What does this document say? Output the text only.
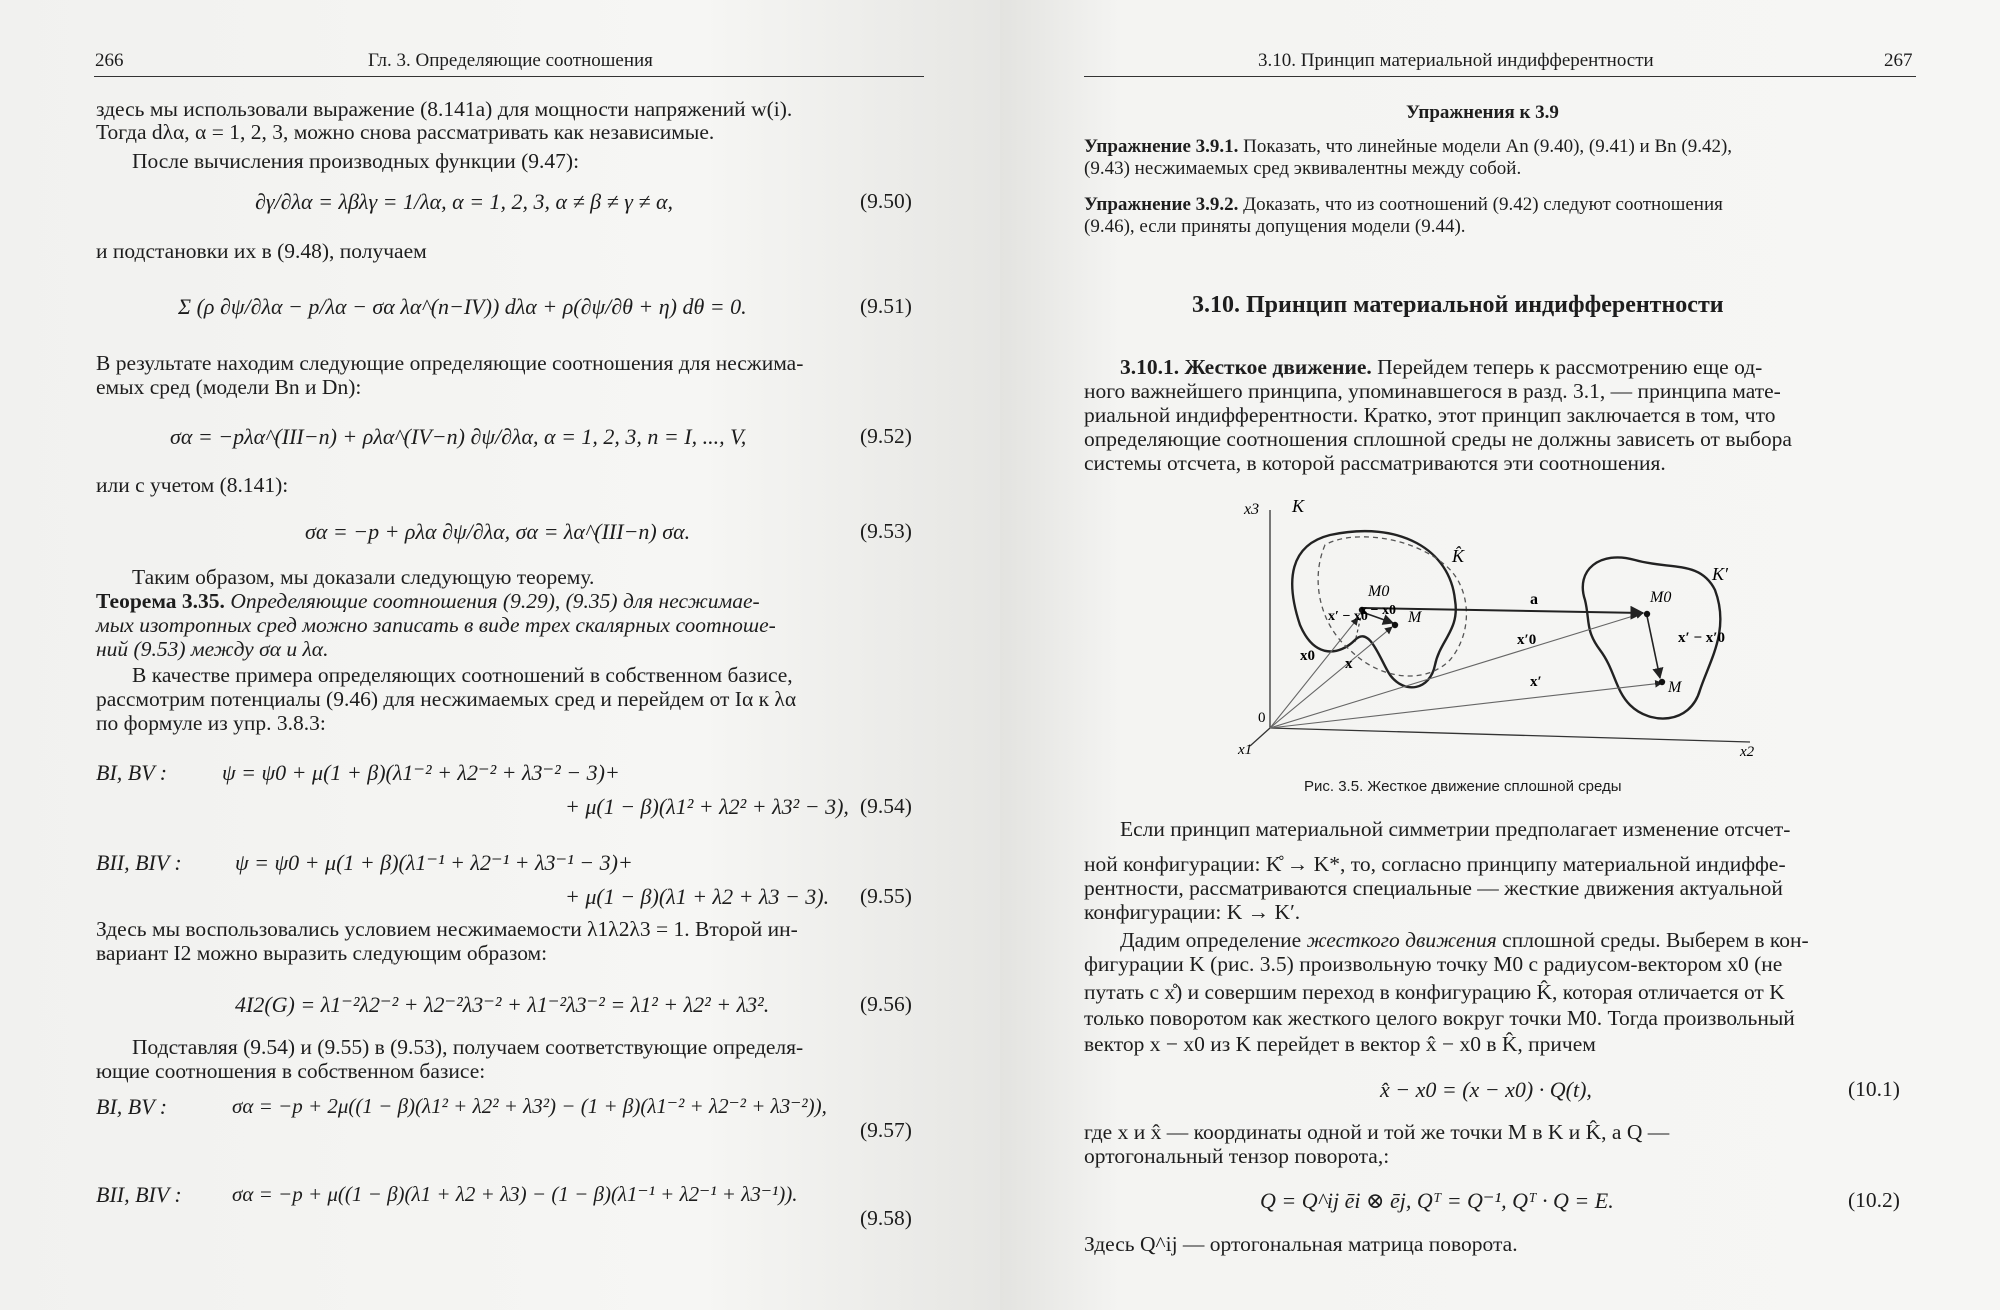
266	Гл. 3. Определяющие соотношения
здесь мы использовали выражение (8.141a) для мощности напряжений w(i).
Тогда dλα, α = 1, 2, 3, можно снова рассматривать как независимые.
После вычисления производных функции (9.47):
∂γ/∂λα = λβλγ = 1/λα, α = 1, 2, 3, α ≠ β ≠ γ ≠ α,	(9.50)
и подстановки их в (9.48), получаем
Σ (ρ ∂ψ/∂λα − p/λα − σα λα^(n−IV)) dλα + ρ(∂ψ/∂θ + η) dθ = 0.	(9.51)
В результате находим следующие определяющие соотношения для несжима-
емых сред (модели Bn и Dn):
σα = −pλα^(III−n) + ρλα^(IV−n) ∂ψ/∂λα, α = 1, 2, 3, n = I, ..., V,	(9.52)
или с учетом (8.141):
σα = −p + ρλα ∂ψ/∂λα, σα = λα^(III−n) σα.	(9.53)
Таким образом, мы доказали следующую теорему.
Теорема 3.35. Определяющие соотношения (9.29), (9.35) для несжимае-
мых изотропных сред можно записать в виде трех скалярных соотноше-
ний (9.53) между σα и λα.
В качестве примера определяющих соотношений в собственном базисе,
рассмотрим потенциалы (9.46) для несжимаемых сред и перейдем от Iα к λα
по формуле из упр. 3.8.3:
BI, BV : ψ = ψ0 + μ(1 + β)(λ1⁻² + λ2⁻² + λ3⁻² − 3)+
+ μ(1 − β)(λ1² + λ2² + λ3² − 3), (9.54)
BII, BIV : ψ = ψ0 + μ(1 + β)(λ1⁻¹ + λ2⁻¹ + λ3⁻¹ − 3)+
+ μ(1 − β)(λ1 + λ2 + λ3 − 3). (9.55)
Здесь мы воспользовались условием несжимаемости λ1λ2λ3 = 1. Второй ин-
вариант I2 можно выразить следующим образом:
4I2(G) = λ1⁻²λ2⁻² + λ2⁻²λ3⁻² + λ1⁻²λ3⁻² = λ1² + λ2² + λ3².	(9.56)
Подставляя (9.54) и (9.55) в (9.53), получаем соответствующие определя-
ющие соотношения в собственном базисе:
BI, BV :	σα = −p + 2μ((1 − β)(λ1² + λ2² + λ3²) − (1 + β)(λ1⁻² + λ2⁻² + λ3⁻²)),
(9.57)
BII, BIV : σα = −p + μ((1 − β)(λ1 + λ2 + λ3) − (1 − β)(λ1⁻¹ + λ2⁻¹ + λ3⁻¹)).
(9.58)
3.10. Принцип материальной индифферентности	267
Упражнения к 3.9
Упражнение 3.9.1. Показать, что линейные модели An (9.40), (9.41) и Bn (9.42),
(9.43) несжимаемых сред эквивалентны между собой.
Упражнение 3.9.2. Доказать, что из соотношений (9.42) следуют соотношения
(9.46), если приняты допущения модели (9.44).
3.10. Принцип материальной индифферентности
3.10.1. Жесткое движение. Перейдем теперь к рассмотрению еще од-
ного важнейшего принципа, упоминавшегося в разд. 3.1, — принципа мате-
риальной индифферентности. Кратко, этот принцип заключается в том, что
определяющие соотношения сплошной среды не должны зависеть от выбора
системы отсчета, в которой рассматриваются эти соотношения.
x3 K
K̂
K′
M0
M
M0
M
a
x′ − x0
x − x0
x0 x
x′0
x′
x′ − x′0
0
x1	x2
Рис. 3.5. Жесткое движение сплошной среды
Если принцип материальной симметрии предполагает изменение отсчет-
ной конфигурации: K̊ → K*, то, согласно принципу материальной индиффе-
рентности, рассматриваются специальные — жесткие движения актуальной
конфигурации: K → K′.
Дадим определение жесткого движения сплошной среды. Выберем в кон-
фигурации K (рис. 3.5) произвольную точку M0 с радиусом-вектором x0 (не
путать с x̊) и совершим переход в конфигурацию K̂, которая отличается от K
только поворотом как жесткого целого вокруг точки M0. Тогда произвольный
вектор x − x0 из K перейдет в вектор x̂ − x0 в K̂, причем
x̂ − x0 = (x − x0) · Q(t),	(10.1)
где x и x̂ — координаты одной и той же точки M в K и K̂, а Q —
ортогональный тензор поворота,:
Q = Q^ij ēi ⊗ ēj, Qᵀ = Q⁻¹, Qᵀ · Q = E.	(10.2)
Здесь Q^ij — ортогональная матрица поворота.
